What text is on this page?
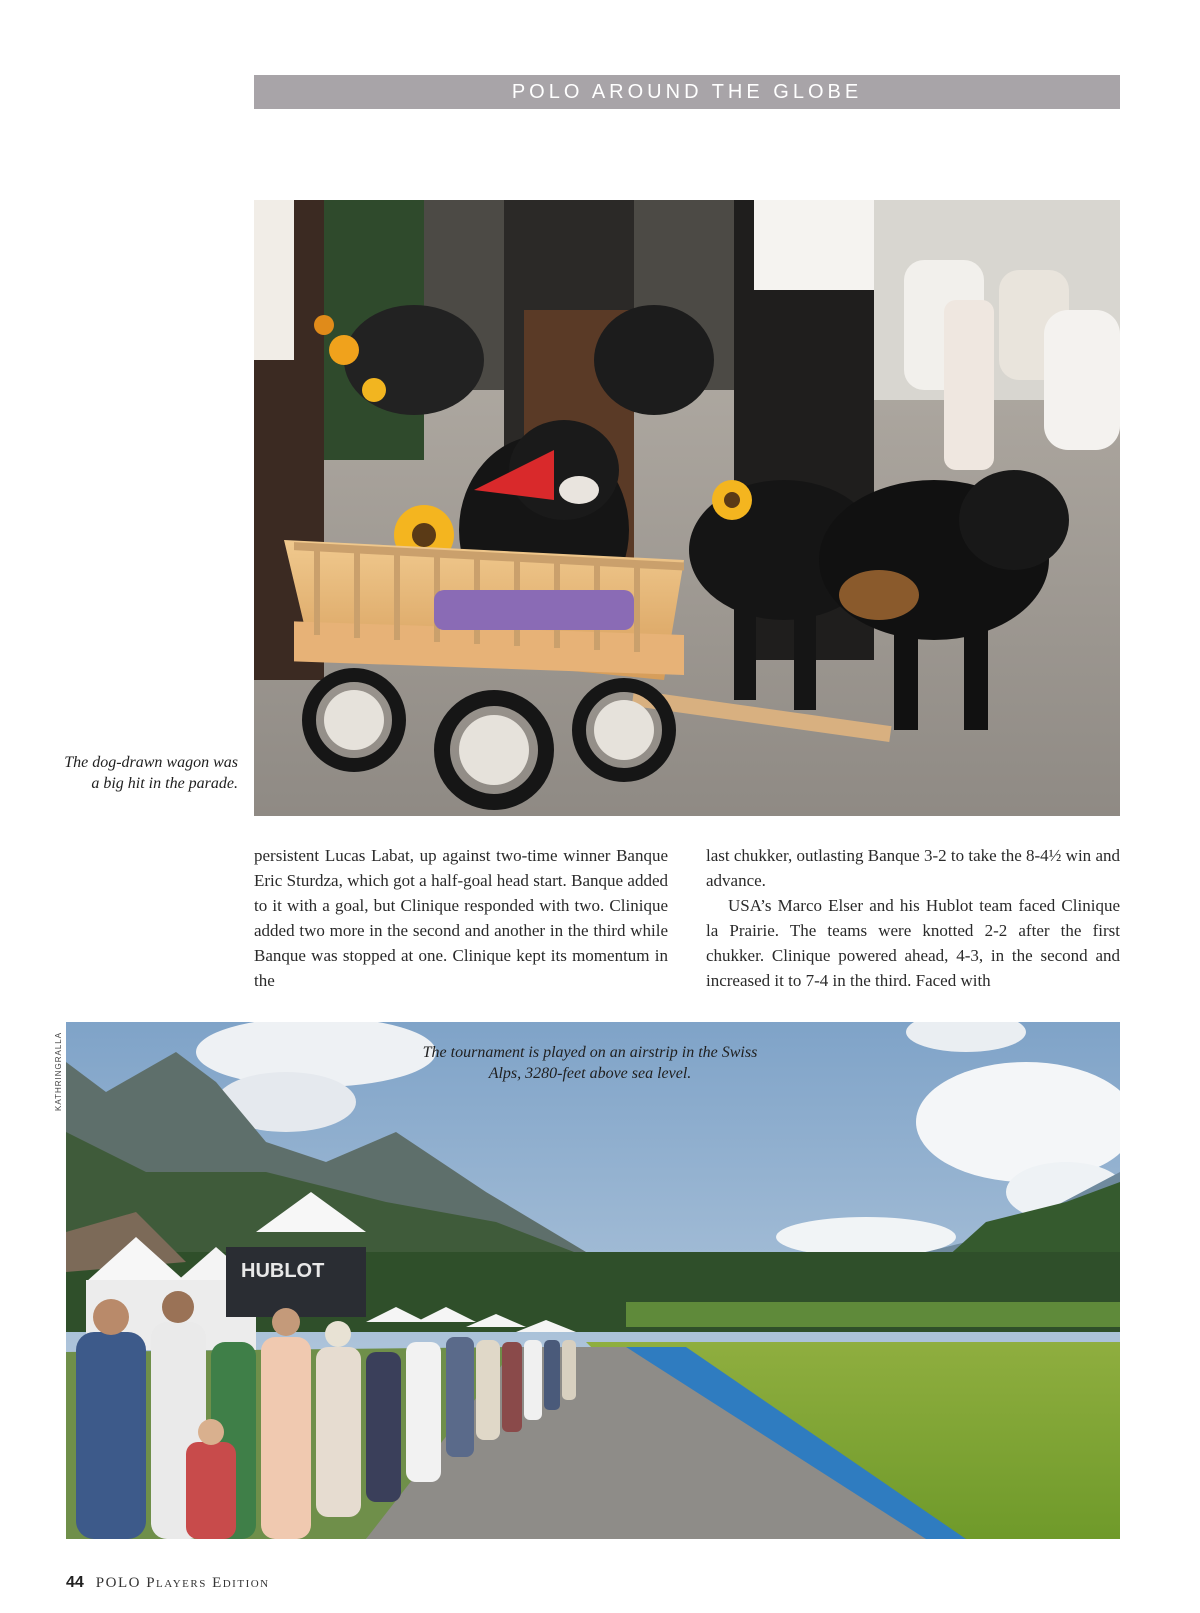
POLO AROUND THE GLOBE
The dog-drawn wagon was a big hit in the parade.

persistent Lucas Labat, up against two-time winner Banque Eric Sturdza, which got a half-goal head start. Banque added to it with a goal, but Clinique responded with two. Clinique added two more in the second and another in the third while Banque was stopped at one. Clinique kept its momentum in the

last chukker, outlasting Banque 3-2 to take the 8-4½ win and advance.

USA’s Marco Elser and his Hublot team faced Clinique la Prairie. The teams were knotted 2-2 after the first chukker. Clinique powered ahead, 4-3, in the second and increased it to 7-4 in the third. Faced with

HUBLOT
The tournament is played on an airstrip in the Swiss Alps, 3280-feet above sea level.
KATHRINGRALLA
44 POLO Players Edition
